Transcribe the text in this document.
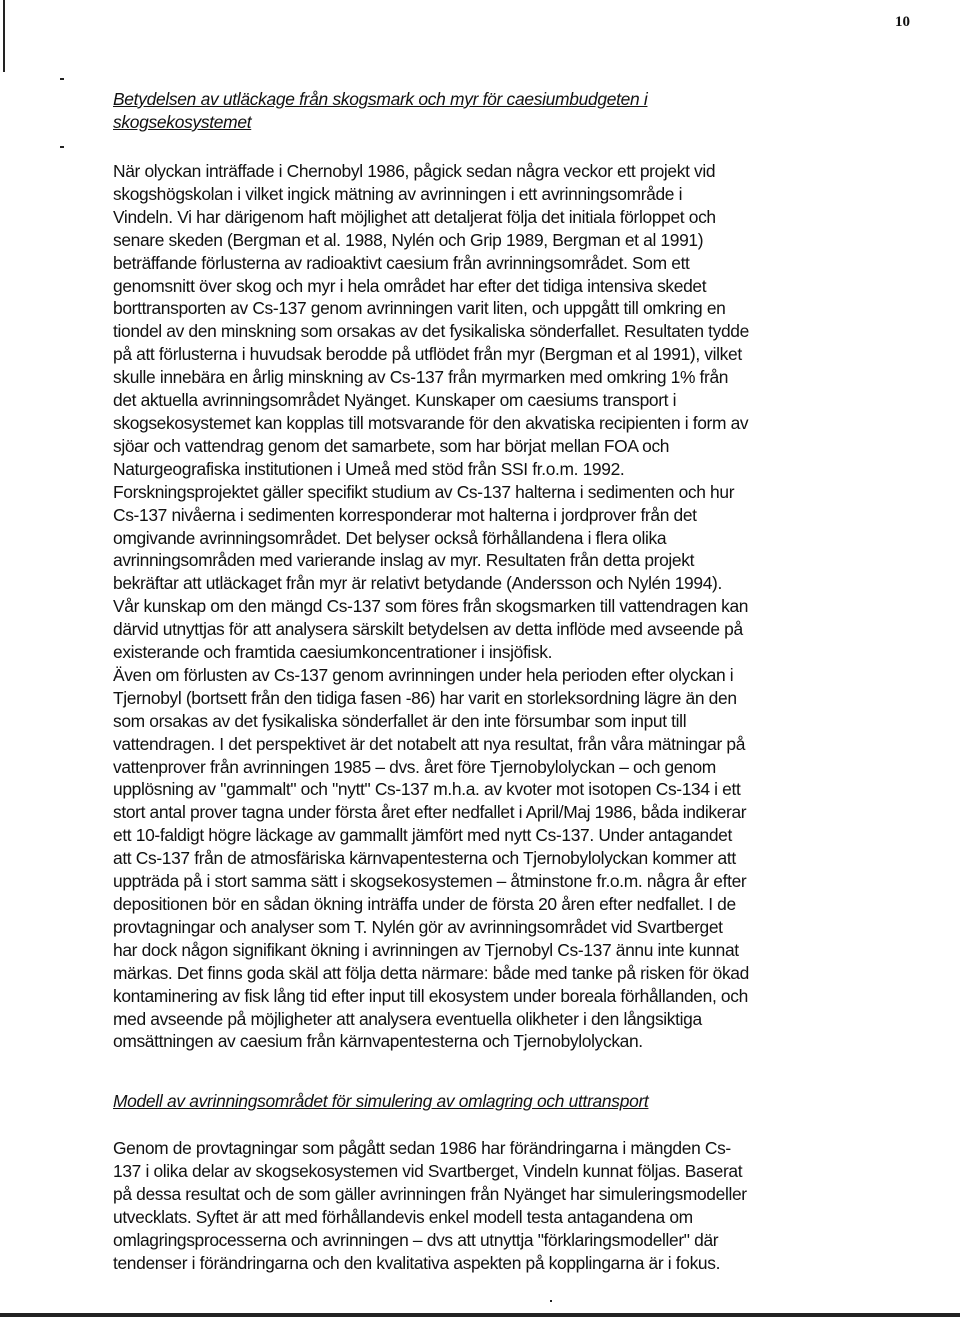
10
Betydelsen av utläckage från skogsmark och myr för caesiumbudgeten i
skogsekosystemet
När olyckan inträffade i Chernobyl 1986, pågick sedan några veckor ett projekt vid
skogshögskolan i vilket ingick mätning av avrinningen i ett avrinningsområde i
Vindeln. Vi har därigenom haft möjlighet att detaljerat följa det initiala förloppet och
senare skeden (Bergman et al. 1988, Nylén och Grip 1989, Bergman et al 1991)
beträffande förlusterna av radioaktivt caesium från avrinningsområdet. Som ett
genomsnitt över skog och myr i hela området har efter det tidiga intensiva skedet
borttransporten av Cs-137 genom avrinningen varit liten, och uppgått till omkring en
tiondel av den minskning som orsakas av det fysikaliska sönderfallet. Resultaten tydde
på att förlusterna i huvudsak berodde på utflödet från myr (Bergman et al 1991), vilket
skulle innebära en årlig minskning av Cs-137 från myrmarken med omkring 1% från
det aktuella avrinningsområdet Nyänget. Kunskaper om caesiums transport i
skogsekosystemet kan kopplas till motsvarande för den akvatiska recipienten i form av
sjöar och vattendrag genom det samarbete, som har börjat mellan FOA och
Naturgeografiska institutionen i Umeå med stöd från SSI fr.o.m. 1992.
Forskningsprojektet gäller specifikt studium av Cs-137 halterna i sedimenten och hur
Cs-137 nivåerna i sedimenten korresponderar mot halterna i jordprover från det
omgivande avrinningsområdet. Det belyser också förhållandena i flera olika
avrinningsområden med varierande inslag av myr. Resultaten från detta projekt
bekräftar att utläckaget från myr är relativt betydande (Andersson och Nylén 1994).
Vår kunskap om den mängd Cs-137 som föres från skogsmarken till vattendragen kan
därvid utnyttjas för att analysera särskilt betydelsen av detta inflöde med avseende på
existerande och framtida caesiumkoncentrationer i insjöfisk.
Även om förlusten av Cs-137 genom avrinningen under hela perioden efter olyckan i
Tjernobyl (bortsett från den tidiga fasen -86) har varit en storleksordning lägre än den
som orsakas av det fysikaliska sönderfallet är den inte försumbar som input till
vattendragen. I det perspektivet är det notabelt att nya resultat, från våra mätningar på
vattenprover från avrinningen 1985 – dvs. året före Tjernobylolyckan – och genom
upplösning av "gammalt" och "nytt" Cs-137 m.h.a. av kvoter mot isotopen Cs-134 i ett
stort antal prover tagna under första året efter nedfallet i April/Maj 1986, båda indikerar
ett 10-faldigt högre läckage av gammallt jämfört med nytt Cs-137. Under antagandet
att Cs-137 från de atmosfäriska kärnvapentesterna och Tjernobylolyckan kommer att
uppträda på i stort samma sätt i skogsekosystemen – åtminstone fr.o.m. några år efter
depositionen bör en sådan ökning inträffa under de första 20 åren efter nedfallet. I de
provtagningar och analyser som T. Nylén gör av avrinningsområdet vid Svartberget
har dock någon signifikant ökning i avrinningen av Tjernobyl Cs-137 ännu inte kunnat
märkas. Det finns goda skäl att följa detta närmare: både med tanke på risken för ökad
kontaminering av fisk lång tid efter input till ekosystem under boreala förhållanden, och
med avseende på möjligheter att analysera eventuella olikheter i den långsiktiga
omsättningen av caesium från kärnvapentesterna och Tjernobylolyckan.
Modell av avrinningsområdet för simulering av omlagring och uttransport
Genom de provtagningar som pågått sedan 1986 har förändringarna i mängden Cs-
137 i olika delar av skogsekosystemen vid Svartberget, Vindeln kunnat följas. Baserat
på dessa resultat och de som gäller avrinningen från Nyänget har simuleringsmodeller
utvecklats. Syftet är att med förhållandevis enkel modell testa antagandena om
omlagringsprocesserna och avrinningen – dvs att utnyttja "förklaringsmodeller" där
tendenser i förändringarna och den kvalitativa aspekten på kopplingarna är i fokus.
